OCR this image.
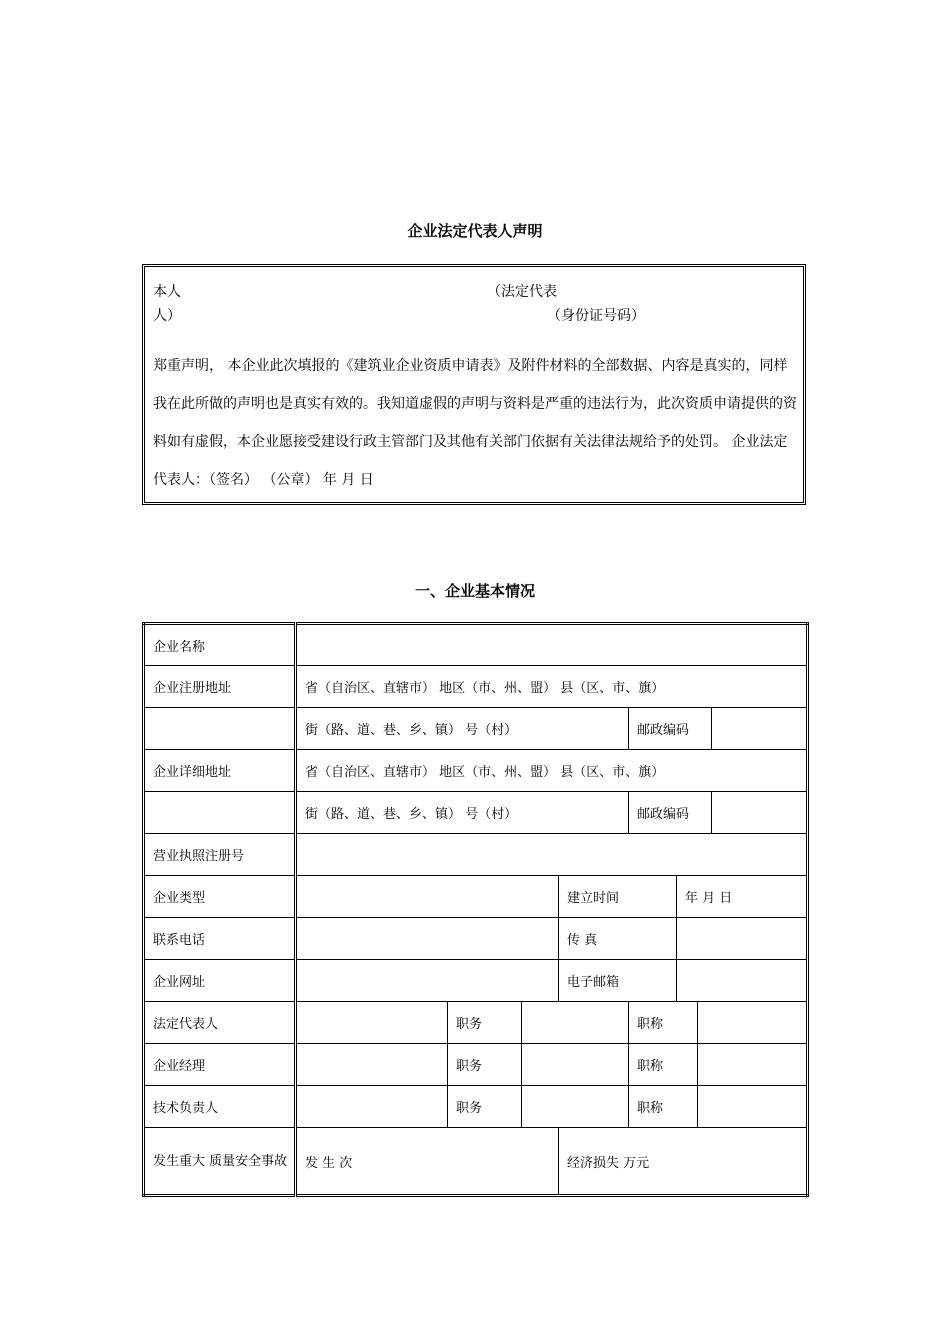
企业法定代表人声明
本人	（法定代表
人）	（身份证号码）
郑重声明， 本企业此次填报的《建筑业企业资质申请表》及附件材料的全部数据、内容是真实的，同样我在此所做的声明也是真实有效的。我知道虚假的声明与资料是严重的违法行为，此次资质申请提供的资料如有虚假，本企业愿接受建设行政主管部门及其他有关部门依据有关法律法规给予的处罚。 企业法定代表人：（签名） （公章） 年 月 日
一、企业基本情况
企业名称								
企业注册地址	省（自治区、直辖市） 地区（市、州、盟） 县（区、市、旗）							
	街（路、道、巷、乡、镇） 号（村）				邮政编码			
企业详细地址	省（自治区、直辖市） 地区（市、州、盟） 县（区、市、旗）							
	街（路、道、巷、乡、镇） 号（村）				邮政编码			
营业执照注册号								
企业类型				建立时间		年 月 日		
联系电话				传 真				
企业网址				电子邮箱				
法定代表人		职务			职称			
企业经理		职务			职称			
技术负责人		职务			职称			
发生重大 质量安全事故	发 生 次			经济损失 万元				
